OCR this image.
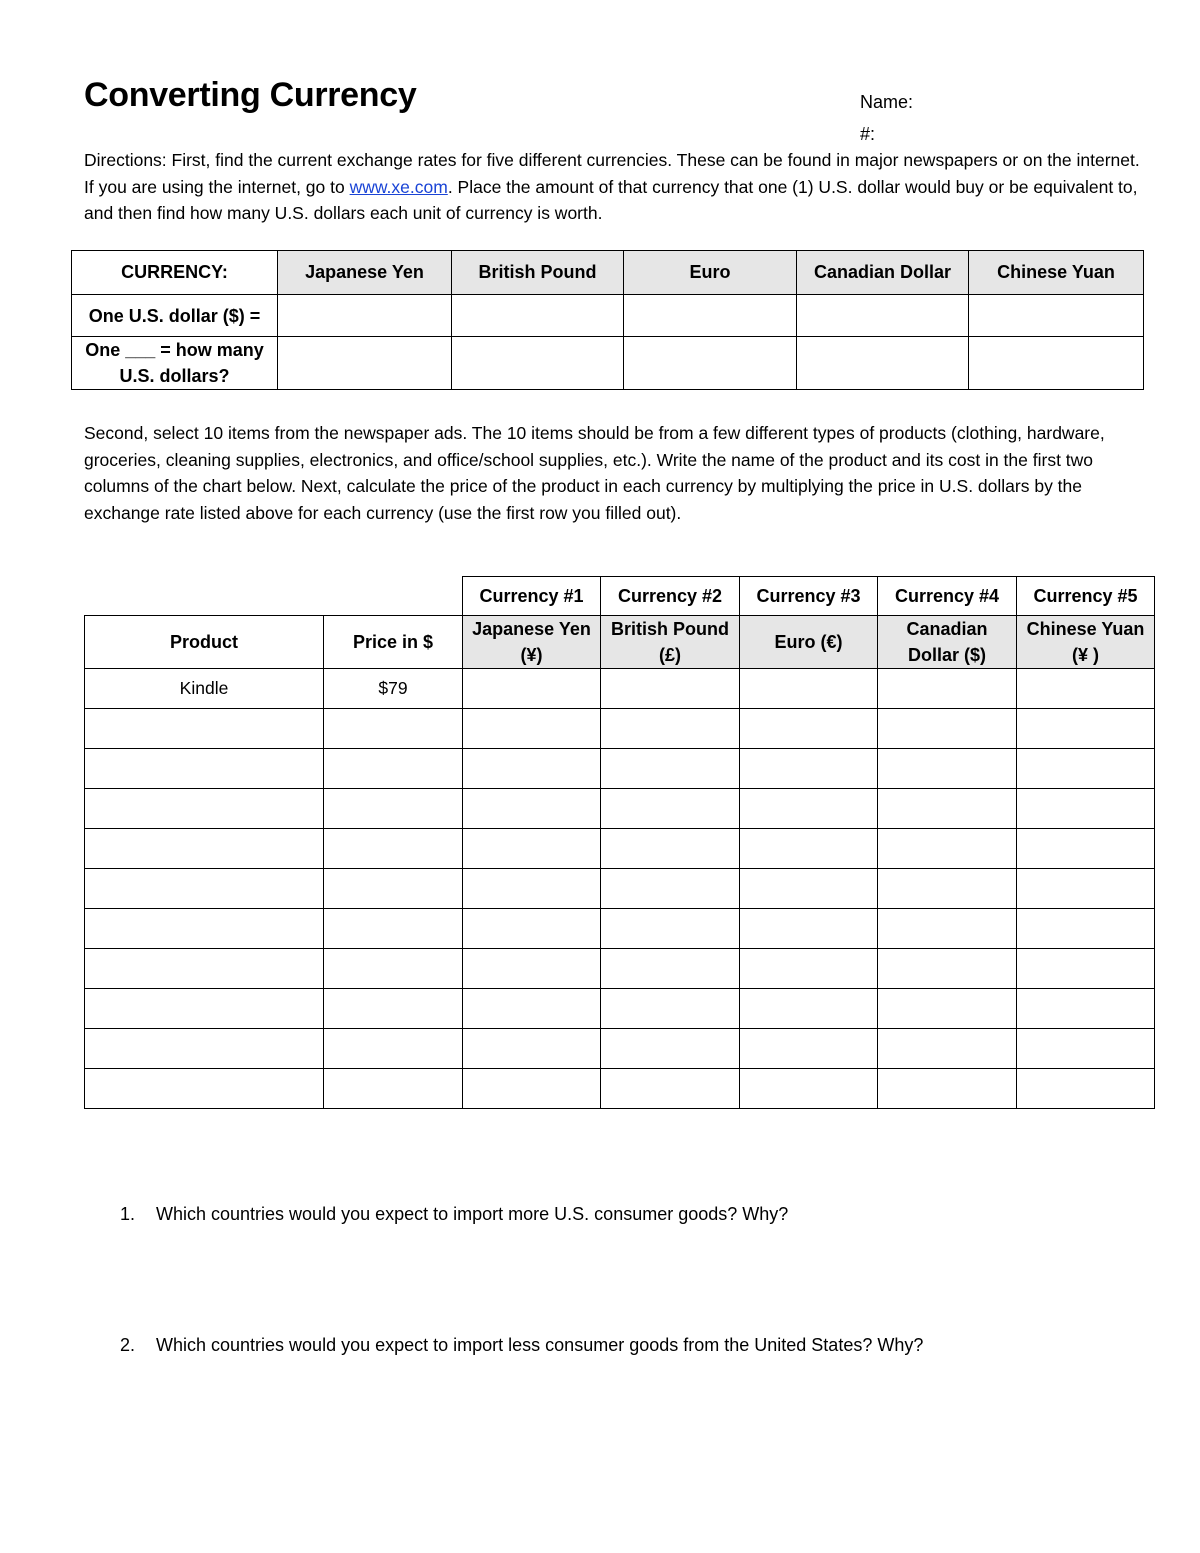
Converting Currency	Name:
#:

Directions: First, find the current exchange rates for five different currencies. These can be found in major newspapers or on the internet. If you are using the internet, go to www.xe.com. Place the amount of that currency that one (1) U.S. dollar would buy or be equivalent to, and then find how many U.S. dollars each unit of currency is worth.

CURRENCY:	Japanese Yen	British Pound	Euro	Canadian Dollar	Chinese Yuan
One U.S. dollar ($) =					
One ___ = how many U.S. dollars?					

Second, select 10 items from the newspaper ads. The 10 items should be from a few different types of products (clothing, hardware, groceries, cleaning supplies, electronics, and office/school supplies, etc.). Write the name of the product and its cost in the first two columns of the chart below. Next, calculate the price of the product in each currency by multiplying the price in U.S. dollars by the exchange rate listed above for each currency (use the first row you filled out).

		Currency #1	Currency #2	Currency #3	Currency #4	Currency #5
Product	Price in $	Japanese Yen (¥)	British Pound (£)	Euro (€)	Canadian Dollar ($)	Chinese Yuan (¥ )
Kindle	$79					

1. Which countries would you expect to import more U.S. consumer goods? Why?
2. Which countries would you expect to import less consumer goods from the United States? Why?
